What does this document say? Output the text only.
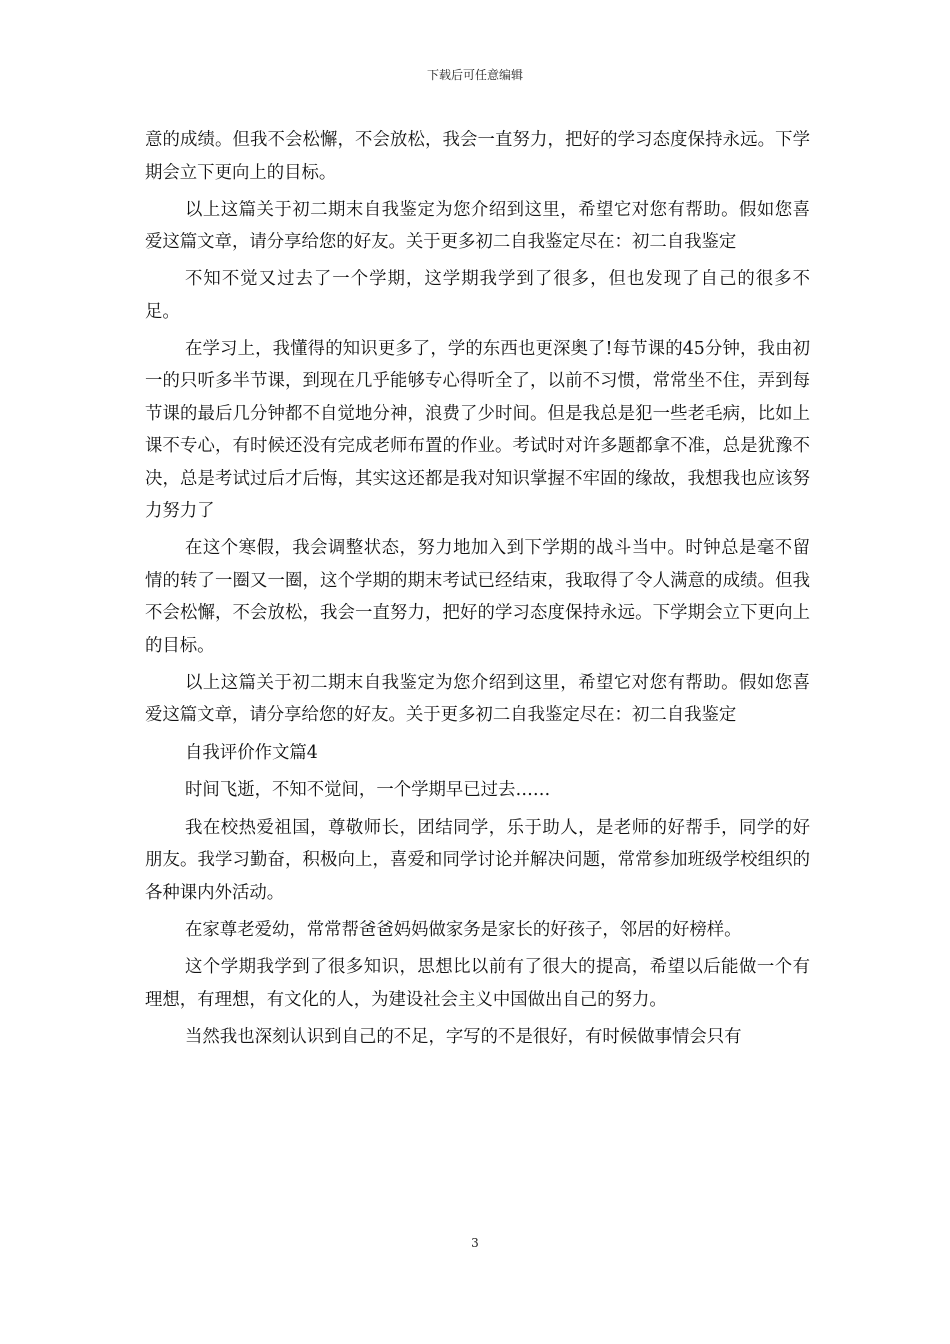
下载后可任意编辑

意的成绩。但我不会松懈，不会放松，我会一直努力，把好的学习态度保持永远。下学期会立下更向上的目标。

以上这篇关于初二期末自我鉴定为您介绍到这里，希望它对您有帮助。假如您喜爱这篇文章，请分享给您的好友。关于更多初二自我鉴定尽在：初二自我鉴定

不知不觉又过去了一个学期，这学期我学到了很多，但也发现了自己的很多不足。

在学习上，我懂得的知识更多了，学的东西也更深奥了!每节课的45分钟，我由初一的只听多半节课，到现在几乎能够专心得听全了，以前不习惯，常常坐不住，弄到每节课的最后几分钟都不自觉地分神，浪费了少时间。但是我总是犯一些老毛病，比如上课不专心，有时候还没有完成老师布置的作业。考试时对许多题都拿不准，总是犹豫不决，总是考试过后才后悔，其实这还都是我对知识掌握不牢固的缘故，我想我也应该努力努力了

在这个寒假，我会调整状态，努力地加入到下学期的战斗当中。时钟总是毫不留情的转了一圈又一圈，这个学期的期末考试已经结束，我取得了令人满意的成绩。但我不会松懈，不会放松，我会一直努力，把好的学习态度保持永远。下学期会立下更向上的目标。

以上这篇关于初二期末自我鉴定为您介绍到这里，希望它对您有帮助。假如您喜爱这篇文章，请分享给您的好友。关于更多初二自我鉴定尽在：初二自我鉴定

自我评价作文篇4

时间飞逝，不知不觉间，一个学期早已过去……

我在校热爱祖国，尊敬师长，团结同学，乐于助人，是老师的好帮手，同学的好朋友。我学习勤奋，积极向上，喜爱和同学讨论并解决问题，常常参加班级学校组织的各种课内外活动。

在家尊老爱幼，常常帮爸爸妈妈做家务是家长的好孩子，邻居的好榜样。

这个学期我学到了很多知识，思想比以前有了很大的提高，希望以后能做一个有理想，有理想，有文化的人，为建设社会主义中国做出自己的努力。

当然我也深刻认识到自己的不足，字写的不是很好，有时候做事情会只有

3
